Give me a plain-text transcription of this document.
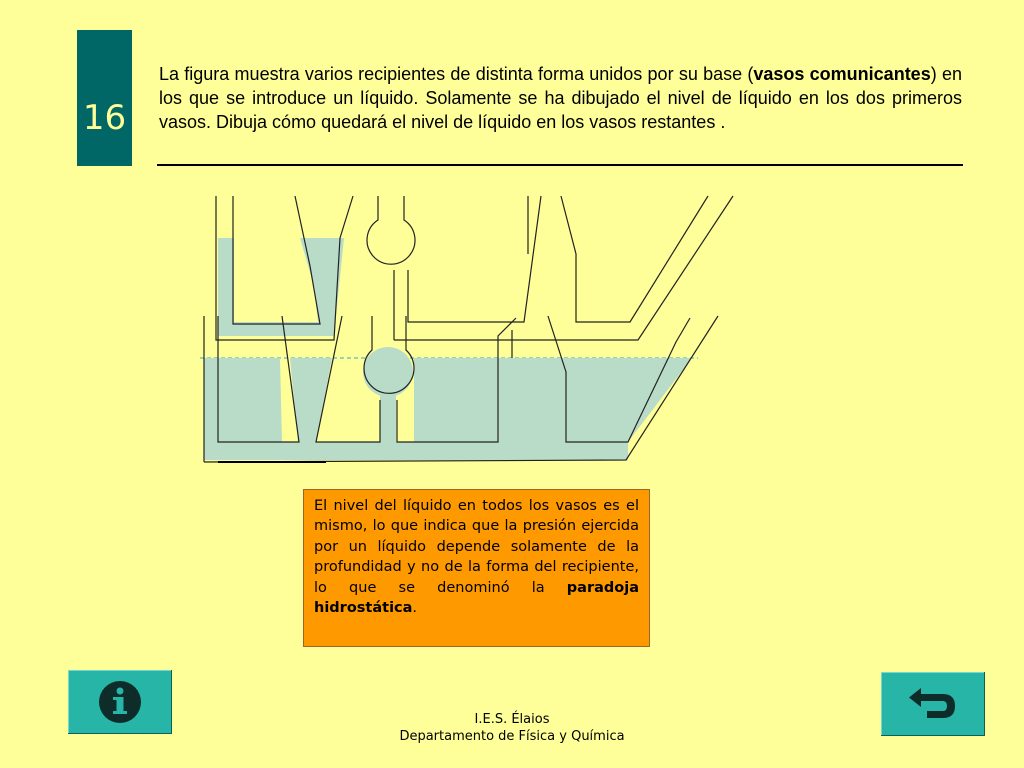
16

La figura muestra varios recipientes de distinta forma unidos por su base (vasos comunicantes) en los que se introduce un líquido. Solamente se ha dibujado el nivel de líquido en los dos primeros vasos. Dibuja cómo quedará el nivel de líquido en los vasos restantes .

El nivel del líquido en todos los vasos es el mismo, lo que indica que la presión ejercida por un líquido depende solamente de la profundidad y no de la forma del recipiente, lo que se denominó la paradoja hidrostática.
I.E.S. Élaios
Departamento de Física y Química
